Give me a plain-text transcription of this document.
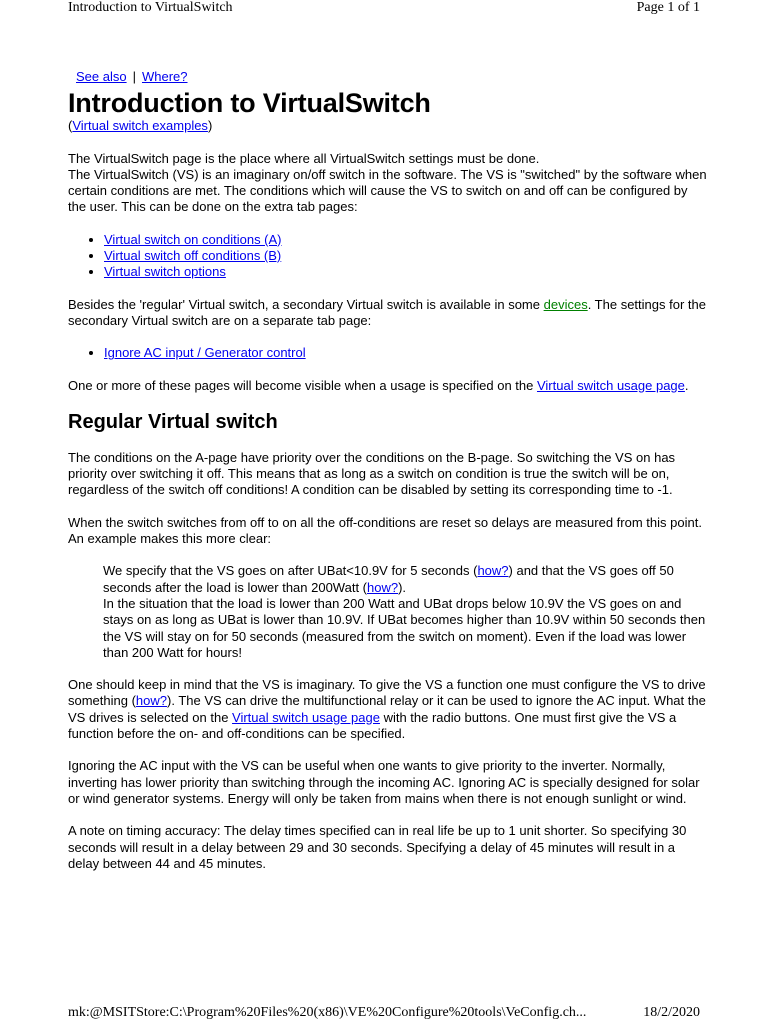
Introduction to VirtualSwitch	Page 1 of 1
See also | Where?
Introduction to VirtualSwitch

(Virtual switch examples)

The VirtualSwitch page is the place where all VirtualSwitch settings must be done.
The VirtualSwitch (VS) is an imaginary on/off switch in the software. The VS is "switched" by the software when certain conditions are met. The conditions which will cause the VS to switch on and off can be configured by the user. This can be done on the extra tab pages:

• Virtual switch on conditions (A)
• Virtual switch off conditions (B)
• Virtual switch options

Besides the 'regular' Virtual switch, a secondary Virtual switch is available in some devices. The settings for the secondary Virtual switch are on a separate tab page:

• Ignore AC input / Generator control

One or more of these pages will become visible when a usage is specified on the Virtual switch usage page.

Regular Virtual switch

The conditions on the A-page have priority over the conditions on the B-page. So switching the VS on has priority over switching it off. This means that as long as a switch on condition is true the switch will be on, regardless of the switch off conditions! A condition can be disabled by setting its corresponding time to -1.

When the switch switches from off to on all the off-conditions are reset so delays are measured from this point. An example makes this more clear:

We specify that the VS goes on after UBat<10.9V for 5 seconds (how?) and that the VS goes off 50 seconds after the load is lower than 200Watt (how?).
In the situation that the load is lower than 200 Watt and UBat drops below 10.9V the VS goes on and stays on as long as UBat is lower than 10.9V. If UBat becomes higher than 10.9V within 50 seconds then the VS will stay on for 50 seconds (measured from the switch on moment). Even if the load was lower than 200 Watt for hours!

One should keep in mind that the VS is imaginary. To give the VS a function one must configure the VS to drive something (how?). The VS can drive the multifunctional relay or it can be used to ignore the AC input. What the VS drives is selected on the Virtual switch usage page with the radio buttons. One must first give the VS a function before the on- and off-conditions can be specified.

Ignoring the AC input with the VS can be useful when one wants to give priority to the inverter. Normally, inverting has lower priority than switching through the incoming AC. Ignoring AC is specially designed for solar or wind generator systems. Energy will only be taken from mains when there is not enough sunlight or wind.

A note on timing accuracy: The delay times specified can in real life be up to 1 unit shorter. So specifying 30 seconds will result in a delay between 29 and 30 seconds. Specifying a delay of 45 minutes will result in a delay between 44 and 45 minutes.

mk:@MSITStore:C:\Program%20Files%20(x86)\VE%20Configure%20tools\VeConfig.ch...	18/2/2020
